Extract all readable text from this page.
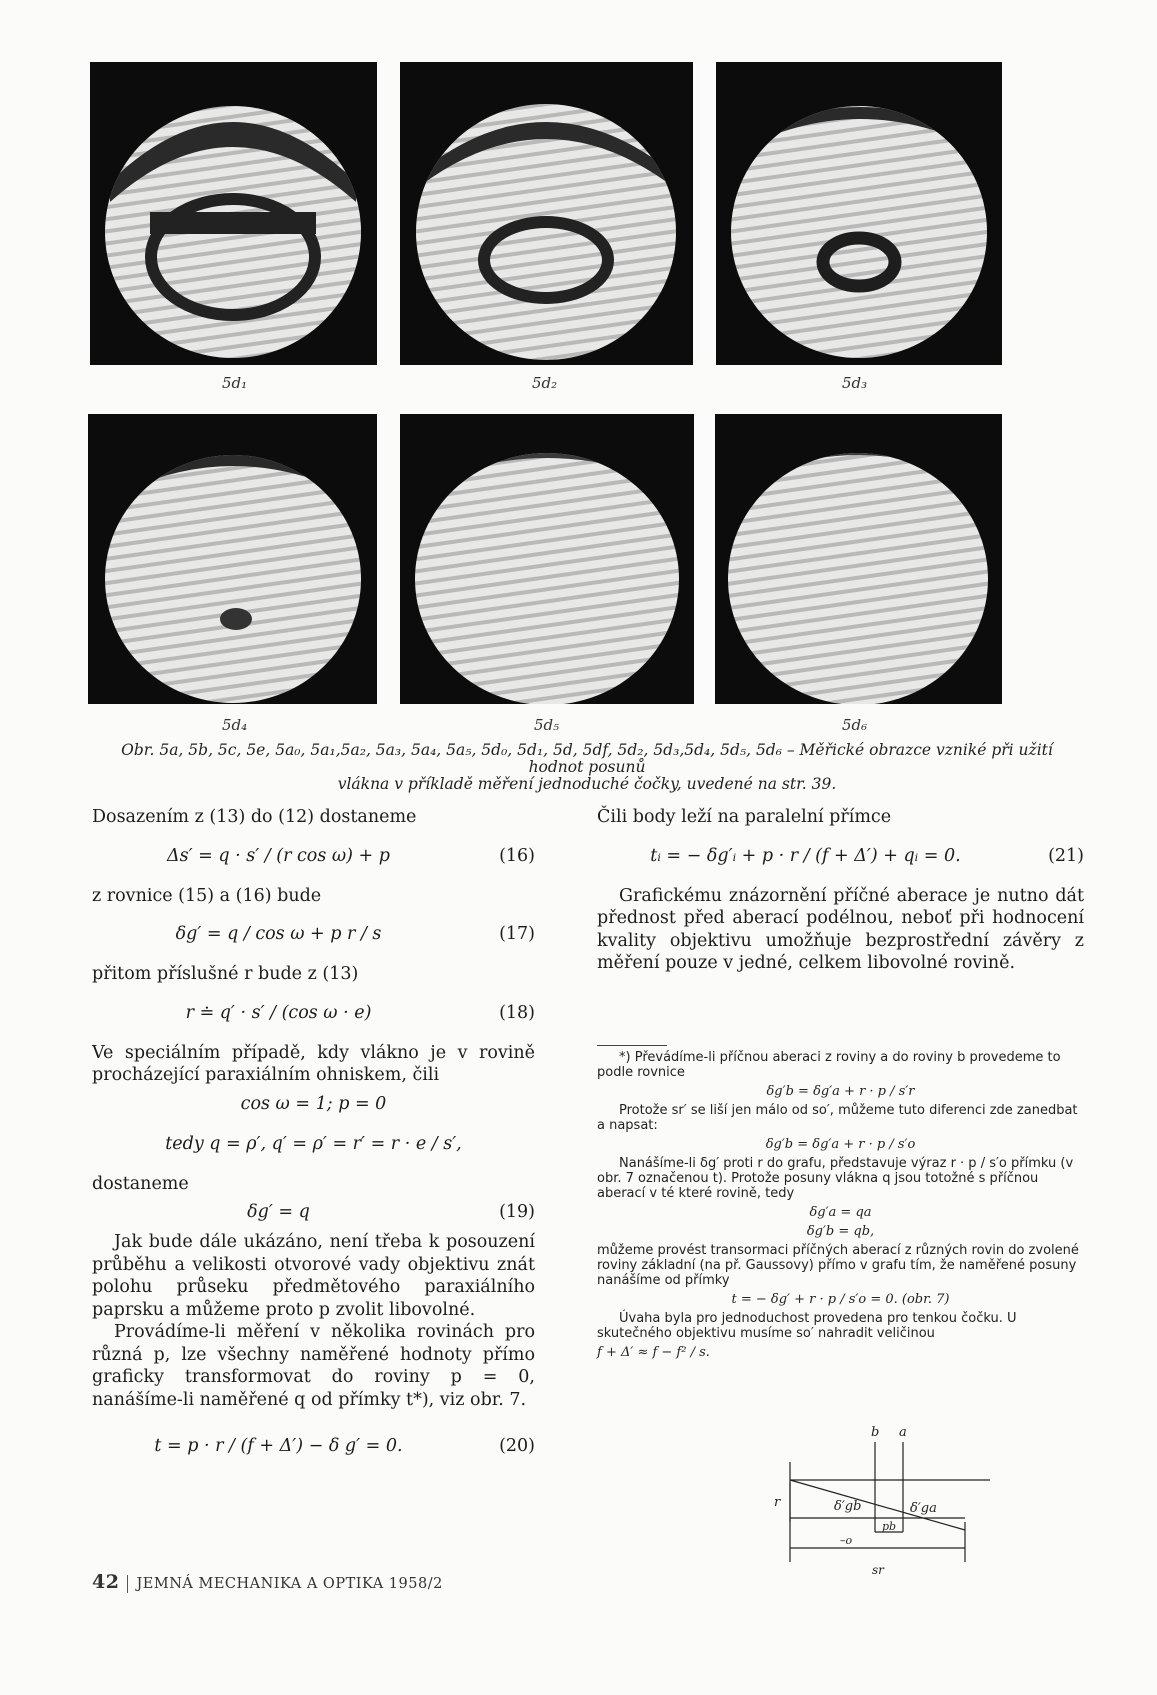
5d₁	5d₂	5d₃
5d₄	5d₅	5d₆
Obr. 5a, 5b, 5c, 5e, 5a₀, 5a₁,5a₂, 5a₃, 5a₄, 5a₅, 5d₀, 5d₁, 5d, 5df, 5d₂, 5d₃,5d₄, 5d₅, 5d₆ – Měřické obrazce vzniké při užití hodnot posunů
vlákna v příkladě měření jednoduché čočky, uvedené na str. 39.

Dosazením z (13) do (12) dostaneme

Δs′ = q · s′ / (r cos ω) + p	(16)

z rovnice (15) a (16) bude

δg′ = q / cos ω + p r / s	(17)

přitom příslušné r bude z (13)

r ≐ q′ · s′ / (cos ω · e)	(18)

Ve speciálním případě, kdy vlákno je v rovině procházející paraxiálním ohniskem, čili

cos ω = 1; p = 0
tedy q = ρ′, q′ = ρ′ = r′ = r · e / s′,

dostaneme

δg′ = q	(19)

Jak bude dále ukázáno, není třeba k posouzení průběhu a velikosti otvorové vady objektivu znát polohu průseku předmětového paraxiálního paprsku a můžeme proto p zvolit libovolné.

Provádíme-li měření v několika rovinách pro různá p, lze všechny naměřené hodnoty přímo graficky transformovat do roviny p = 0, nanášíme-li naměřené q od přímky t*), viz obr. 7.

t = p · r / (f + Δ′) − δ g′ = 0.	(20)

Čili body leží na paralelní přímce

tᵢ = − δg′ᵢ + p · r / (f + Δ′) + qᵢ = 0.	(21)

Grafickému znázornění příčné aberace je nutno dát přednost před aberací podélnou, neboť při hodnocení kvality objektivu umožňuje bezprostřední závěry z měření pouze v jedné, celkem libovolné rovině.

*) Převádíme-li příčnou aberaci z roviny a do roviny b provedeme to podle rovnice

δg′b = δg′a + r · p / s′r

Protože sr′ se liší jen málo od so′, můžeme tuto diferenci zde zanedbat a napsat:

δg′b = δg′a + r · p / s′o

Nanášíme-li δg′ proti r do grafu, představuje výraz r · p / s′o přímku (v obr. 7 označenou t). Protože posuny vlákna q jsou totožné s příčnou aberací v té které rovině, tedy

δg′a = qa
δg′b = qb,

můžeme provést transormaci příčných aberací z různých rovin do zvolené roviny základní (na př. Gaussovy) přímo v grafu tím, že naměřené posuny nanášíme od přímky

t = − δg′ + r · p / s′o = 0. (obr. 7)

Úvaha byla pro jednoduchost provedena pro tenkou čočku. U skutečného objektivu musíme so′ nahradit veličinou

f + Δ′ ≈ f − f² / s.
b a
r	δ′gb	δ′ga
pb
–o
sr
42 JEMNÁ MECHANIKA A OPTIKA 1958/2
